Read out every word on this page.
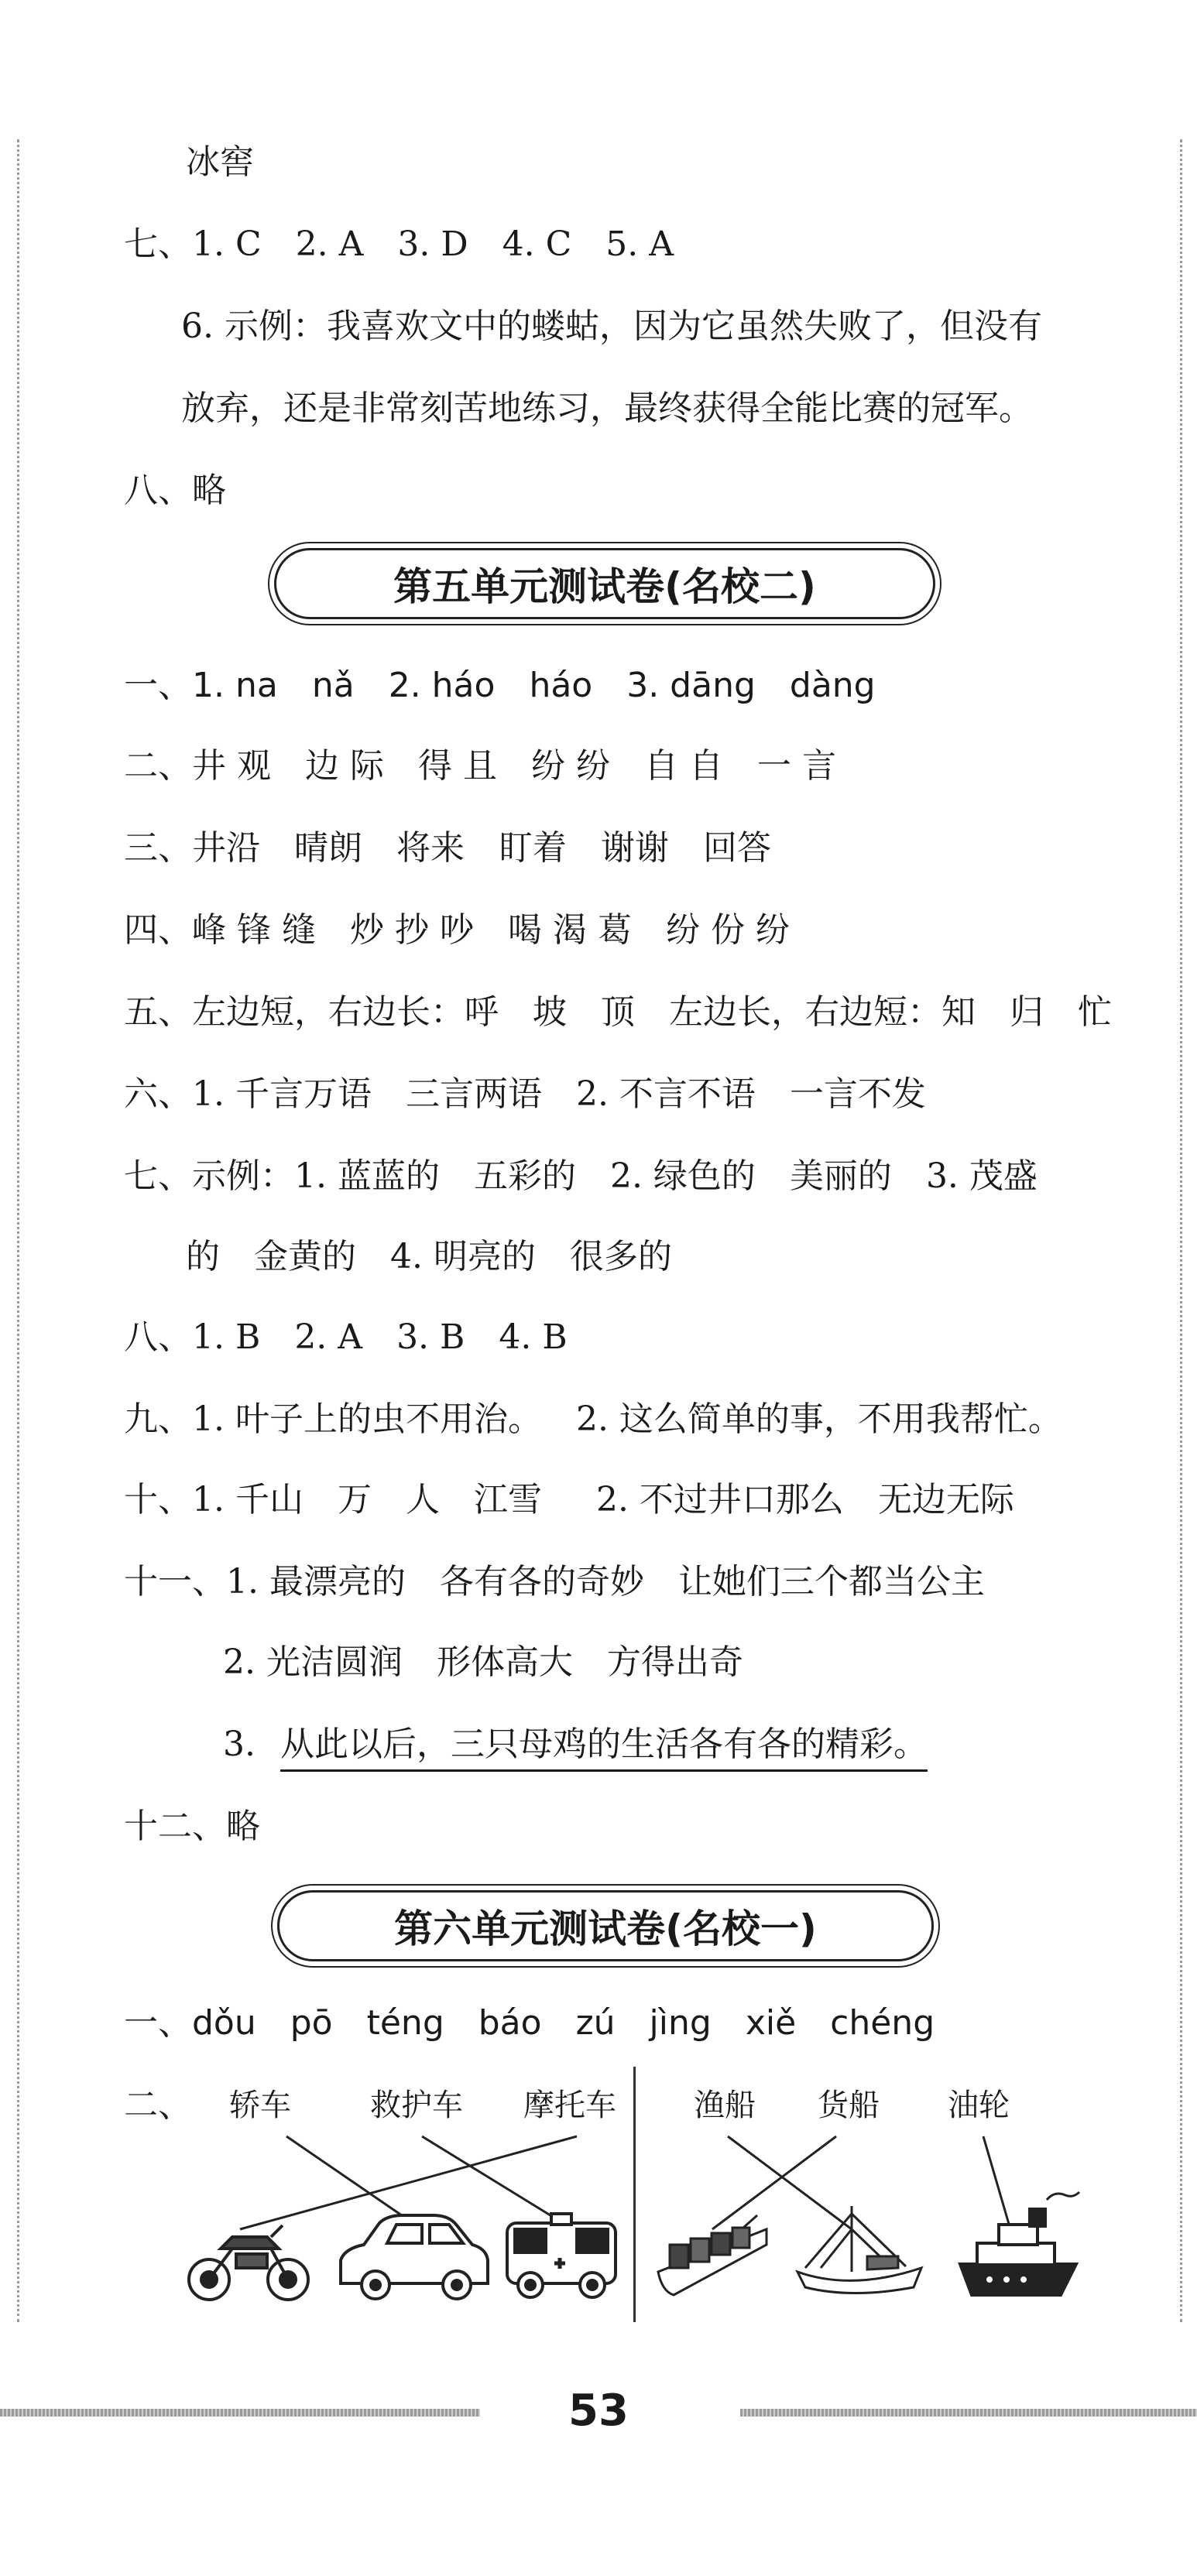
冰窖
七、1. C 2. A 3. D 4. C 5. A
6. 示例：我喜欢文中的蝼蛄，因为它虽然失败了，但没有
放弃，还是非常刻苦地练习，最终获得全能比赛的冠军。
八、略
第五单元测试卷(名校二)
一、1. na nǎ 2. háo háo 3. dāng dàng
二、井 观 边 际 得 且 纷 纷 自 自 一 言
三、井沿 晴朗 将来 盯着 谢谢 回答
四、峰 锋 缝 炒 抄 吵 喝 渴 葛 纷 份 纷
五、左边短，右边长：呼 坡 顶 左边长，右边短：知 归 忙
六、1. 千言万语 三言两语 2. 不言不语 一言不发
七、示例：1. 蓝蓝的 五彩的 2. 绿色的 美丽的 3. 茂盛
的 金黄的 4. 明亮的 很多的
八、1. B 2. A 3. B 4. B
九、1. 叶子上的虫不用治。 2. 这么简单的事，不用我帮忙。
十、1. 千山 万 人 江雪 2. 不过井口那么 无边无际
十一、1. 最漂亮的 各有各的奇妙 让她们三个都当公主
2. 光洁圆润 形体高大 方得出奇
3. 从此以后，三只母鸡的生活各有各的精彩。
十二、略
第六单元测试卷(名校一)
一、dǒu pō téng báo zú jìng xiě chéng
二、 轿车	救护车 摩托车	渔船 货船 油轮
53
